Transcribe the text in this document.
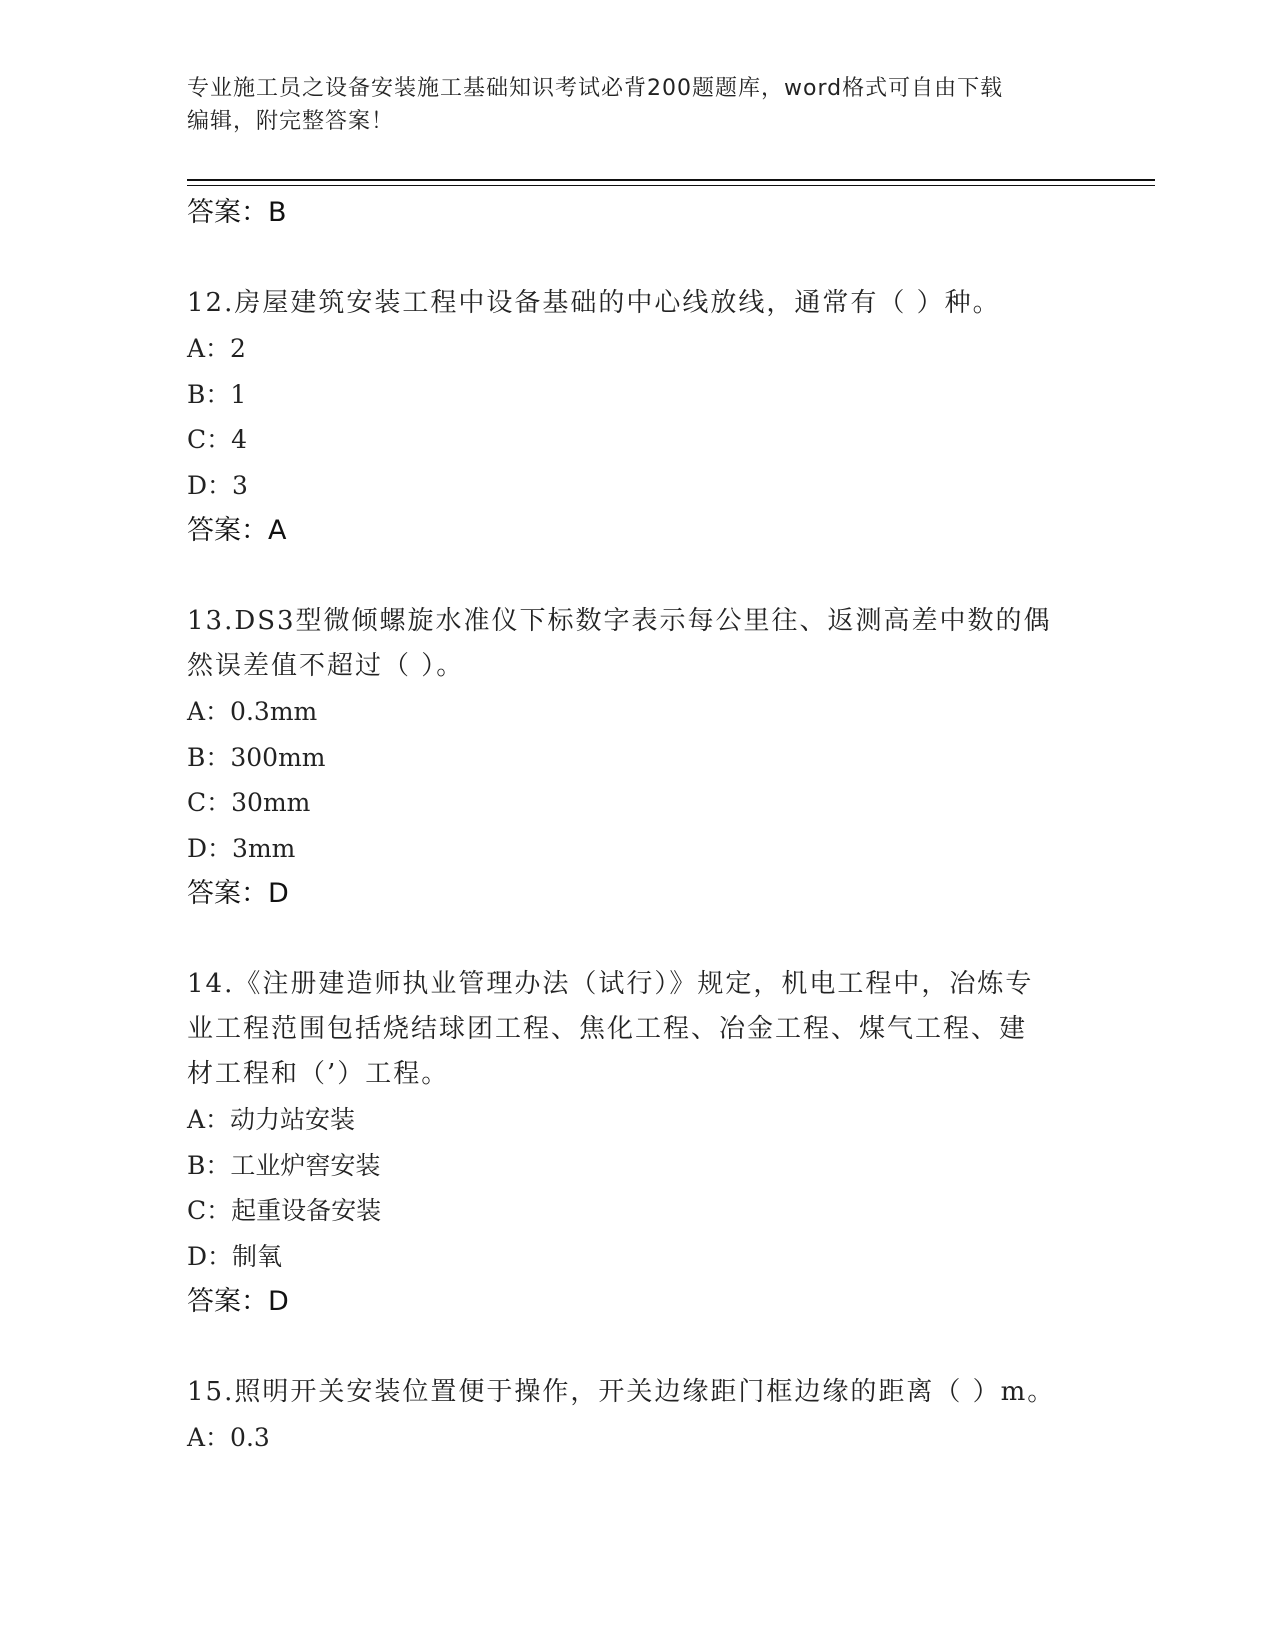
专业施工员之设备安装施工基础知识考试必背200题题库，word格式可自由下载
编辑，附完整答案！
答案：B
12.房屋建筑安装工程中设备基础的中心线放线，通常有（ ）种。
A：2
B：1
C：4
D：3
答案：A
13.DS3型微倾螺旋水准仪下标数字表示每公里往、返测高差中数的偶
然误差值不超过（ ）。
A：0.3mm
B：300mm
C：30mm
D：3mm
答案：D
14.《注册建造师执业管理办法（试行）》规定，机电工程中，冶炼专
业工程范围包括烧结球团工程、焦化工程、冶金工程、煤气工程、建
材工程和（’）工程。
A：动力站安装
B：工业炉窖安装
C：起重设备安装
D：制氧
答案：D
15.照明开关安装位置便于操作，开关边缘距门框边缘的距离（ ）m。
A：0.3
